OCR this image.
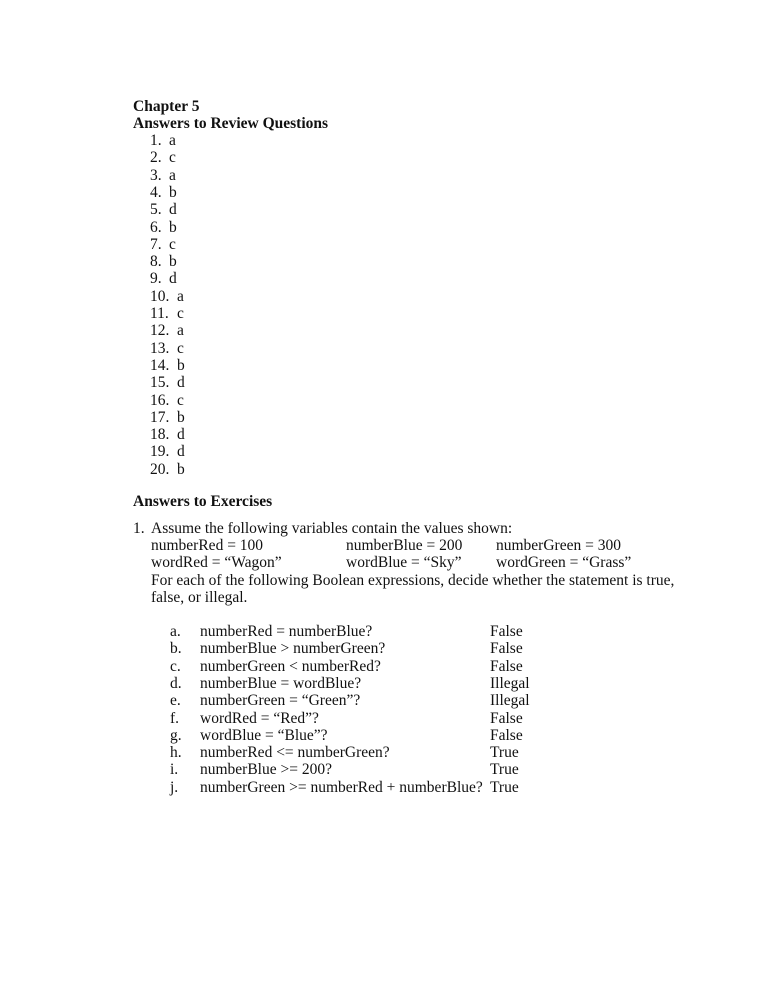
Chapter 5
Answers to Review Questions
1. a
2. c
3. a
4. b
5. d
6. b
7. c
8. b
9. d
10. a
11. c
12. a
13. c
14. b
15. d
16. c
17. b
18. d
19. d
20. b
Answers to Exercises
1. Assume the following variables contain the values shown:
numberRed = 100	numberBlue = 200 numberGreen = 300
wordRed = “Wagon”	wordBlue = “Sky” wordGreen = “Grass”
For each of the following Boolean expressions, decide whether the statement is true,
false, or illegal.
a. numberRed = numberBlue?	False
b. numberBlue > numberGreen?	False
c. numberGreen < numberRed?	False
d. numberBlue = wordBlue?	Illegal
e. numberGreen = “Green”?	Illegal
f. wordRed = “Red”?	False
g. wordBlue = “Blue”?	False
h. numberRed <= numberGreen?	True
i. numberBlue >= 200?	True
j. numberGreen >= numberRed + numberBlue? True
